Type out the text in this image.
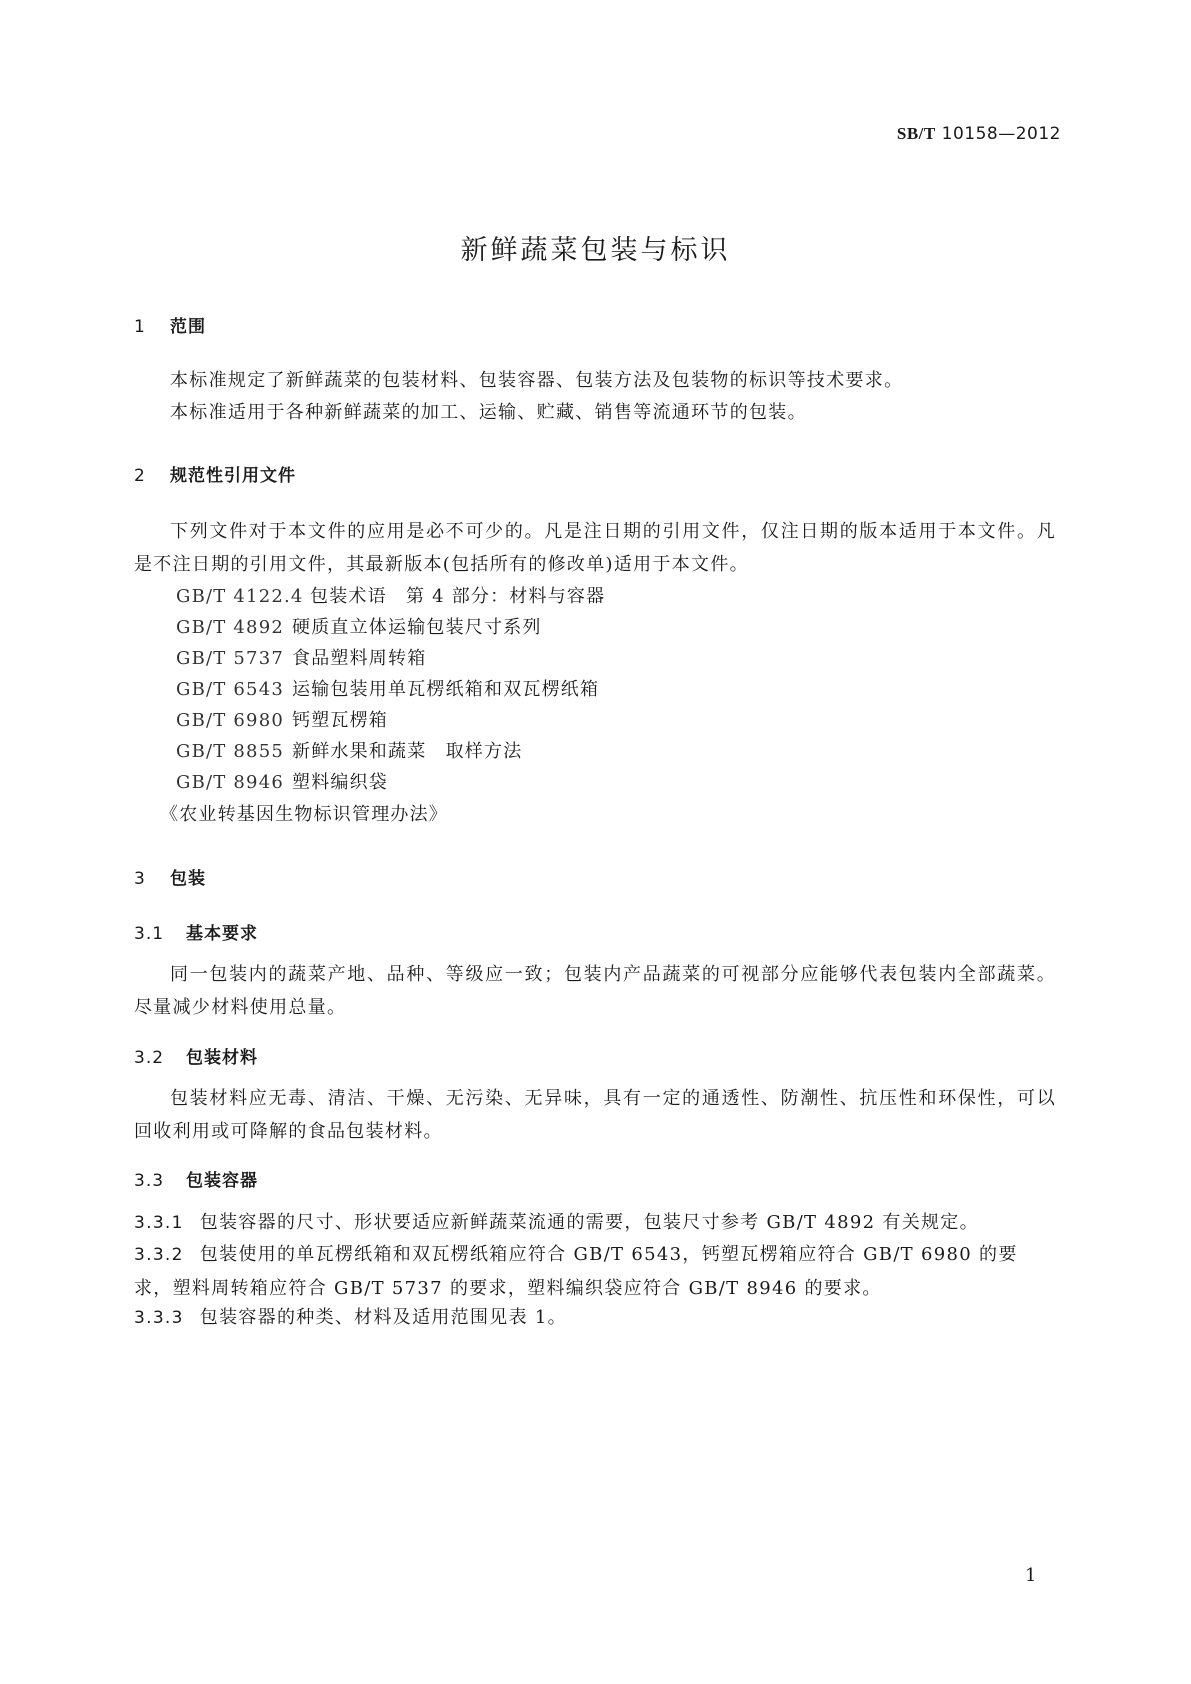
SB/T 10158—2012
新鲜蔬菜包装与标识
1 范围
本标准规定了新鲜蔬菜的包装材料、包装容器、包装方法及包装物的标识等技术要求。
本标准适用于各种新鲜蔬菜的加工、运输、贮藏、销售等流通环节的包装。
2 规范性引用文件
下列文件对于本文件的应用是必不可少的。凡是注日期的引用文件，仅注日期的版本适用于本文件。凡是不注日期的引用文件，其最新版本(包括所有的修改单)适用于本文件。
GB/T 4122.4 包装术语　第 4 部分：材料与容器
GB/T 4892 硬质直立体运输包装尺寸系列
GB/T 5737 食品塑料周转箱
GB/T 6543 运输包装用单瓦楞纸箱和双瓦楞纸箱
GB/T 6980 钙塑瓦楞箱
GB/T 8855 新鲜水果和蔬菜　取样方法
GB/T 8946 塑料编织袋
《农业转基因生物标识管理办法》
3 包装
3.1 基本要求
同一包装内的蔬菜产地、品种、等级应一致；包装内产品蔬菜的可视部分应能够代表包装内全部蔬菜。尽量减少材料使用总量。
3.2 包装材料
包装材料应无毒、清洁、干燥、无污染、无异味，具有一定的通透性、防潮性、抗压性和环保性，可以回收利用或可降解的食品包装材料。
3.3 包装容器
3.3.1 包装容器的尺寸、形状要适应新鲜蔬菜流通的需要，包装尺寸参考 GB/T 4892 有关规定。
3.3.2 包装使用的单瓦楞纸箱和双瓦楞纸箱应符合 GB/T 6543，钙塑瓦楞箱应符合 GB/T 6980 的要求，塑料周转箱应符合 GB/T 5737 的要求，塑料编织袋应符合 GB/T 8946 的要求。
3.3.3 包装容器的种类、材料及适用范围见表 1。
1
